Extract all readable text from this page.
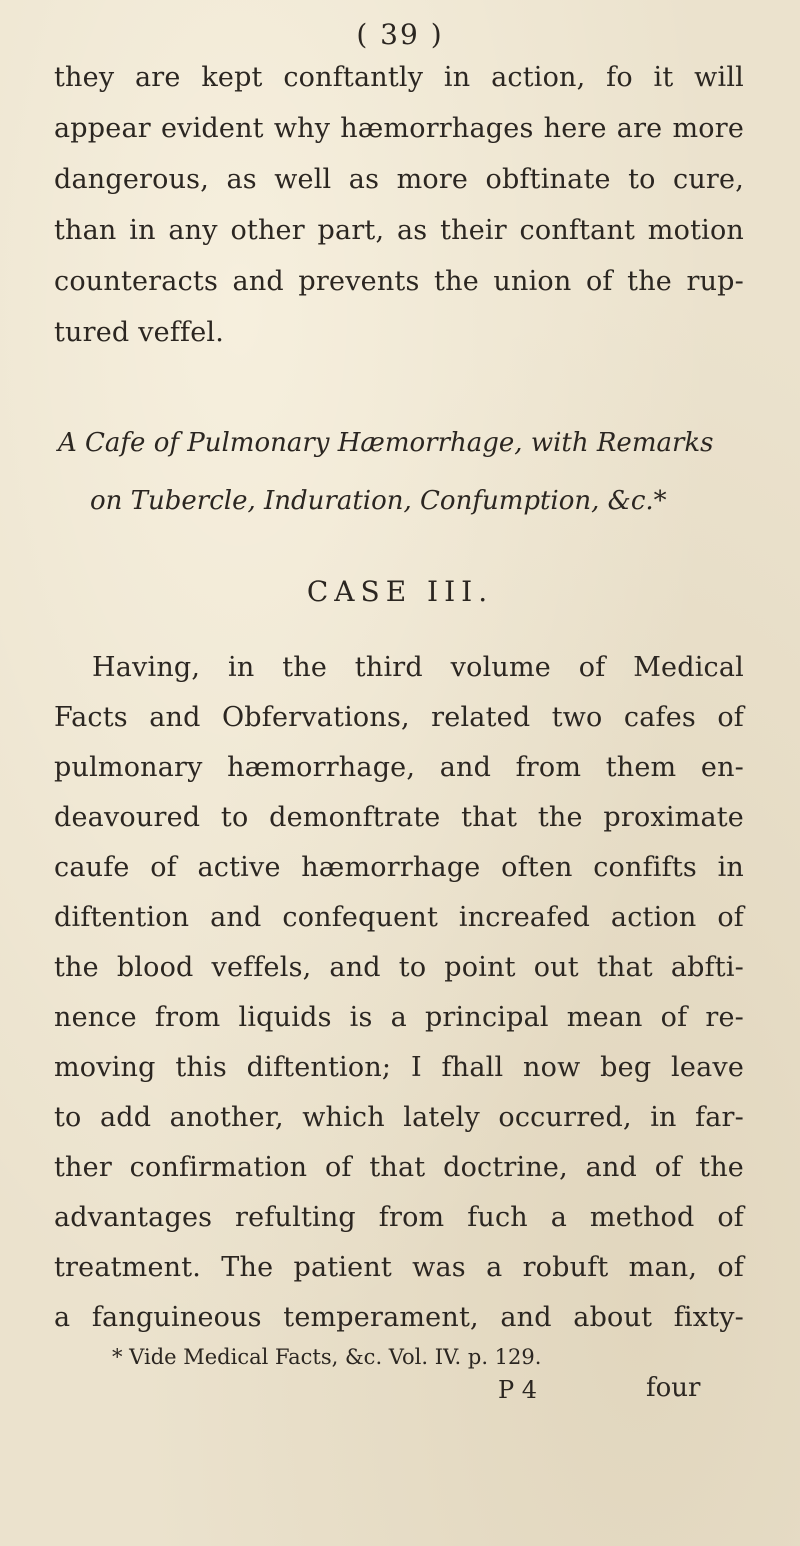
( 39 )
they are kept conftantly in action, fo it will
appear evident why hæmorrhages here are more
dangerous, as well as more obftinate to cure,
than in any other part, as their conftant motion
counteracts and prevents the union of the rup-
tured veffel.
A Cafe of Pulmonary Hæmorrhage, with Remarks
on Tubercle, Induration, Confumption, &c.*
CASE III.
Having, in the third volume of Medical
Facts and Obfervations, related two cafes of
pulmonary hæmorrhage, and from them en-
deavoured to demonftrate that the proximate
caufe of active hæmorrhage often confifts in
diftention and confequent increafed action of
the blood veffels, and to point out that abfti-
nence from liquids is a principal mean of re-
moving this diftention; I fhall now beg leave
to add another, which lately occurred, in far-
ther confirmation of that doctrine, and of the
advantages refulting from fuch a method of
treatment. The patient was a robuft man, of
a fanguineous temperament, and about fixty-
* Vide Medical Facts, &c. Vol. IV. p. 129.
P 4	four
